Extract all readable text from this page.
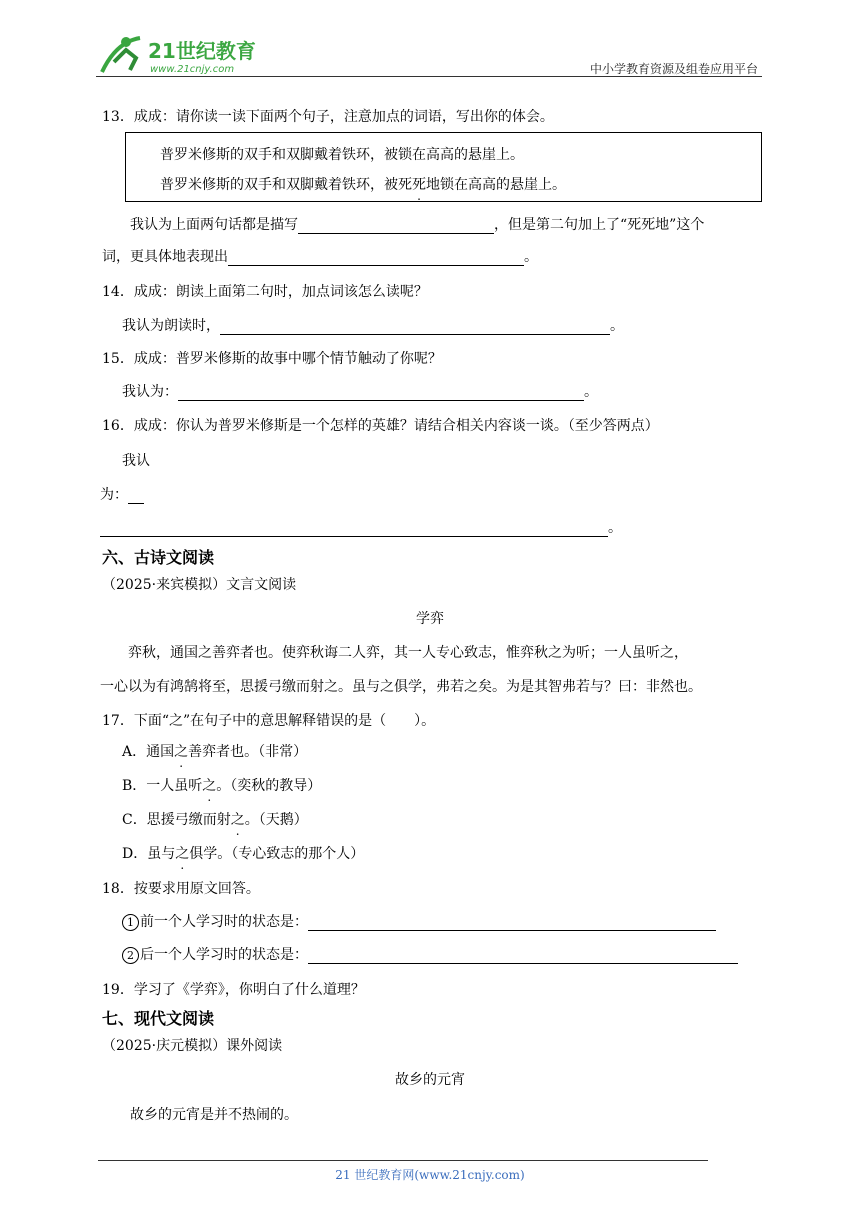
21世纪教育
www.21cnjy.com	中小学教育资源及组卷应用平台
13．成成：请你读一读下面两个句子，注意加点的词语，写出你的体会。
普罗米修斯的双手和双脚戴着铁环，被锁在高高的悬崖上。
普罗米修斯的双手和双脚戴着铁环，被死死地锁在高高的悬崖上。
我认为上面两句话都是描写	，但是第二句加上了“死死地”这个
词，更具体地表现出	。
14．成成：朗读上面第二句时，加点词该怎么读呢？
我认为朗读时，	。
15．成成：普罗米修斯的故事中哪个情节触动了你呢？
我认为：	。
16．成成：你认为普罗米修斯是一个怎样的英雄？请结合相关内容谈一谈。（至少答两点）
我认
为：
。
六、古诗文阅读
（2025·来宾模拟）文言文阅读
学弈
弈秋，通国之善弈者也。使弈秋诲二人弈，其一人专心致志，惟弈秋之为听；一人虽听之，
一心以为有鸿鹄将至，思援弓缴而射之。虽与之俱学，弗若之矣。为是其智弗若与？曰：非然也。
17．下面“之”在句子中的意思解释错误的是（　　）。
A．通国之善弈者也。（非常）
B．一人虽听之。（奕秋的教导）
C．思援弓缴而射之。（天鹅）
D．虽与之俱学。（专心致志的那个人）
18．按要求用原文回答。
1 前一个人学习时的状态是：
2 后一个人学习时的状态是：
19．学习了《学弈》，你明白了什么道理？
七、现代文阅读
（2025·庆元模拟）课外阅读
故乡的元宵
故乡的元宵是并不热闹的。
21 世纪教育网(www.21cnjy.com)
